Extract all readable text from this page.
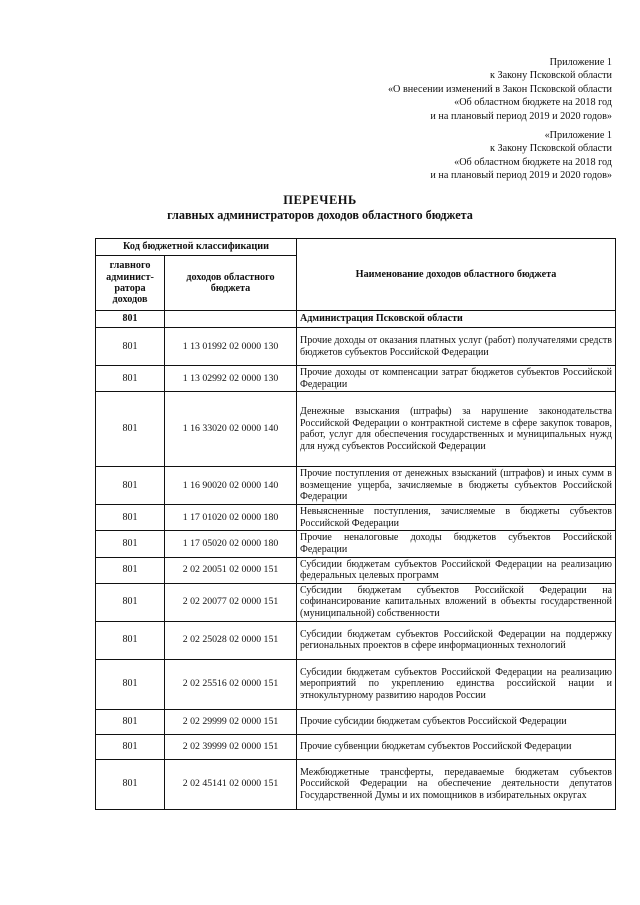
Приложение 1
к Закону Псковской области
«О внесении изменений в Закон Псковской области
«Об областном бюджете на 2018 год
и на плановый период 2019 и 2020 годов»
«Приложение 1
к Закону Псковской области
«Об областном бюджете на 2018 год
и на плановый период 2019 и 2020 годов»
ПЕРЕЧЕНЬ
главных администраторов доходов областного бюджета
Код бюджетной классификации		Наименование доходов областного бюджета
главного админист-ратора доходов	доходов областного бюджета	
801		Администрация Псковской области
801	1 13 01992 02 0000 130	Прочие доходы от оказания платных услуг (работ) получателями средств бюджетов субъектов Российской Федерации
801	1 13 02992 02 0000 130	Прочие доходы от компенсации затрат бюджетов субъектов Российской Федерации
801	1 16 33020 02 0000 140	Денежные взыскания (штрафы) за нарушение законодательства Российской Федерации о контрактной системе в сфере закупок товаров, работ, услуг для обеспечения государственных и муниципальных нужд для нужд субъектов Российской Федерации
801	1 16 90020 02 0000 140	Прочие поступления от денежных взысканий (штрафов) и иных сумм в возмещение ущерба, зачисляемые в бюджеты субъектов Российской Федерации
801	1 17 01020 02 0000 180	Невыясненные поступления, зачисляемые в бюджеты субъектов Российской Федерации
801	1 17 05020 02 0000 180	Прочие неналоговые доходы бюджетов субъектов Российской Федерации
801	2 02 20051 02 0000 151	Субсидии бюджетам субъектов Российской Федерации на реализацию федеральных целевых программ
801	2 02 20077 02 0000 151	Субсидии бюджетам субъектов Российской Федерации на софинансирование капитальных вложений в объекты государственной (муниципальной) собственности
801	2 02 25028 02 0000 151	Субсидии бюджетам субъектов Российской Федерации на поддержку региональных проектов в сфере информационных технологий
801	2 02 25516 02 0000 151	Субсидии бюджетам субъектов Российской Федерации на реализацию мероприятий по укреплению единства российской нации и этнокультурному развитию народов России
801	2 02 29999 02 0000 151	Прочие субсидии бюджетам субъектов Российской Федерации
801	2 02 39999 02 0000 151	Прочие субвенции бюджетам субъектов Российской Федерации
801	2 02 45141 02 0000 151	Межбюджетные трансферты, передаваемые бюджетам субъектов Российской Федерации на обеспечение деятельности депутатов Государственной Думы и их помощников в избирательных округах
